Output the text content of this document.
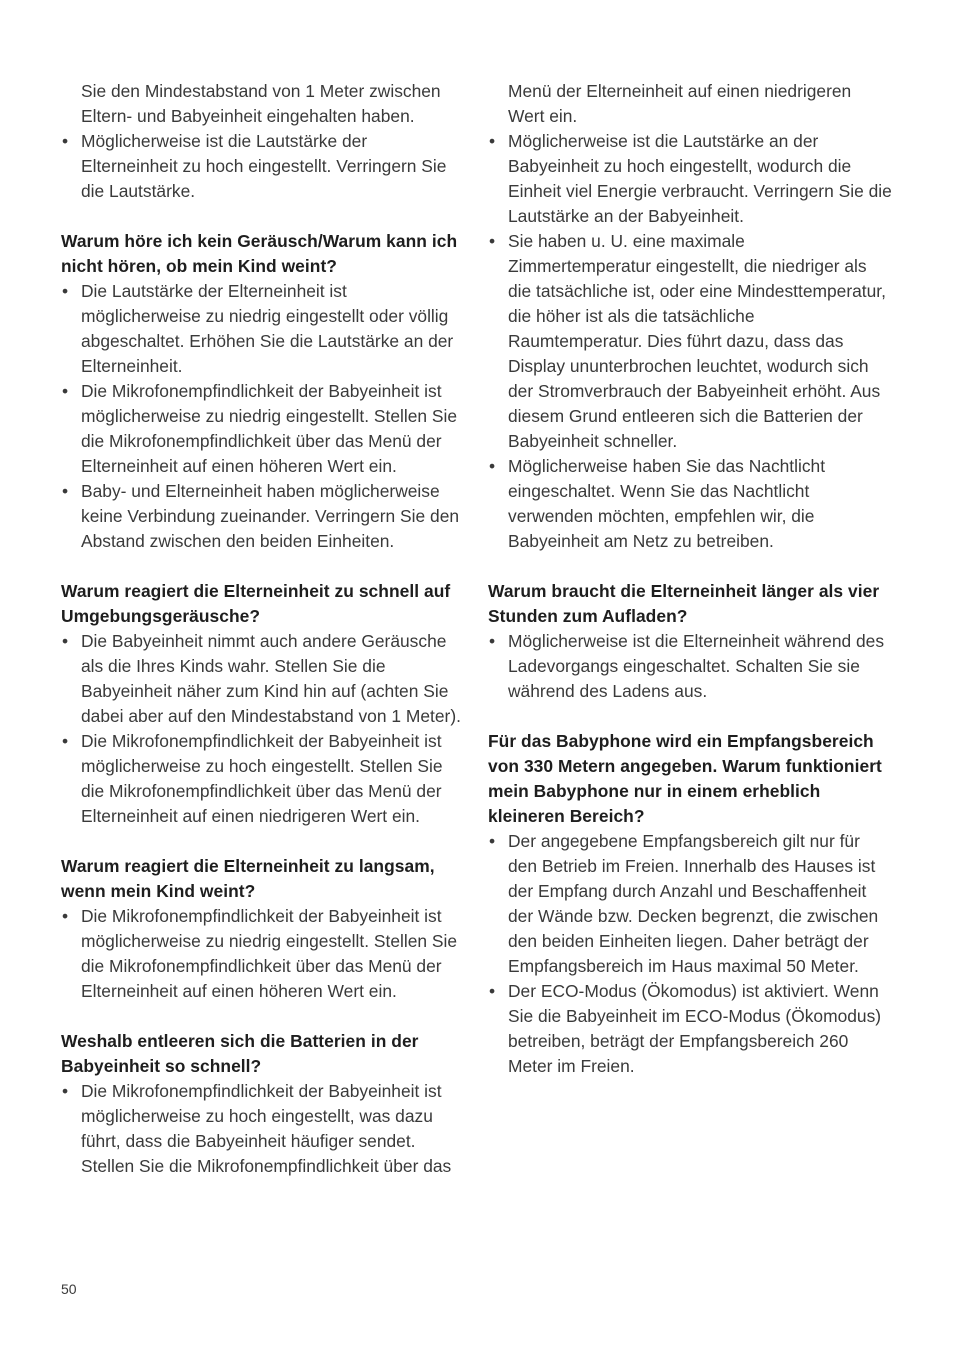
Sie den Mindestabstand von 1 Meter zwischen Eltern- und Babyeinheit eingehalten haben.
• Möglicherweise ist die Lautstärke der Elterneinheit zu hoch eingestellt. Verringern Sie die Lautstärke.
Warum höre ich kein Geräusch/Warum kann ich nicht hören, ob mein Kind weint?
• Die Lautstärke der Elterneinheit ist möglicherweise zu niedrig eingestellt oder völlig abgeschaltet. Erhöhen Sie die Lautstärke an der Elterneinheit.
• Die Mikrofonempfindlichkeit der Babyeinheit ist möglicherweise zu niedrig eingestellt. Stellen Sie die Mikrofonempfindlichkeit über das Menü der Elterneinheit auf einen höheren Wert ein.
• Baby- und Elterneinheit haben möglicherweise keine Verbindung zueinander. Verringern Sie den Abstand zwischen den beiden Einheiten.
Warum reagiert die Elterneinheit zu schnell auf Umgebungsgeräusche?
• Die Babyeinheit nimmt auch andere Geräusche als die Ihres Kinds wahr. Stellen Sie die Babyeinheit näher zum Kind hin auf (achten Sie dabei aber auf den Mindestabstand von 1 Meter).
• Die Mikrofonempfindlichkeit der Babyeinheit ist möglicherweise zu hoch eingestellt. Stellen Sie die Mikrofonempfindlichkeit über das Menü der Elterneinheit auf einen niedrigeren Wert ein.
Warum reagiert die Elterneinheit zu langsam, wenn mein Kind weint?
• Die Mikrofonempfindlichkeit der Babyeinheit ist möglicherweise zu niedrig eingestellt. Stellen Sie die Mikrofonempfindlichkeit über das Menü der Elterneinheit auf einen höheren Wert ein.
Weshalb entleeren sich die Batterien in der Babyeinheit so schnell?
• Die Mikrofonempfindlichkeit der Babyeinheit ist möglicherweise zu hoch eingestellt, was dazu führt, dass die Babyeinheit häufiger sendet. Stellen Sie die Mikrofonempfindlichkeit über das
Menü der Elterneinheit auf einen niedrigeren Wert ein.
• Möglicherweise ist die Lautstärke an der Babyeinheit zu hoch eingestellt, wodurch die Einheit viel Energie verbraucht. Verringern Sie die Lautstärke an der Babyeinheit.
• Sie haben u. U. eine maximale Zimmertemperatur eingestellt, die niedriger als die tatsächliche ist, oder eine Mindesttemperatur, die höher ist als die tatsächliche Raumtemperatur. Dies führt dazu, dass das Display ununterbrochen leuchtet, wodurch sich der Stromverbrauch der Babyeinheit erhöht. Aus diesem Grund entleeren sich die Batterien der Babyeinheit schneller.
• Möglicherweise haben Sie das Nachtlicht eingeschaltet. Wenn Sie das Nachtlicht verwenden möchten, empfehlen wir, die Babyeinheit am Netz zu betreiben.
Warum braucht die Elterneinheit länger als vier Stunden zum Aufladen?
• Möglicherweise ist die Elterneinheit während des Ladevorgangs eingeschaltet. Schalten Sie sie während des Ladens aus.
Für das Babyphone wird ein Empfangsbereich von 330 Metern angegeben. Warum funktioniert mein Babyphone nur in einem erheblich kleineren Bereich?
• Der angegebene Empfangsbereich gilt nur für den Betrieb im Freien. Innerhalb des Hauses ist der Empfang durch Anzahl und Beschaffenheit der Wände bzw. Decken begrenzt, die zwischen den beiden Einheiten liegen. Daher beträgt der Empfangsbereich im Haus maximal 50 Meter.
• Der ECO-Modus (Ökomodus) ist aktiviert. Wenn Sie die Babyeinheit im ECO-Modus (Ökomodus) betreiben, beträgt der Empfangsbereich 260 Meter im Freien.
50
